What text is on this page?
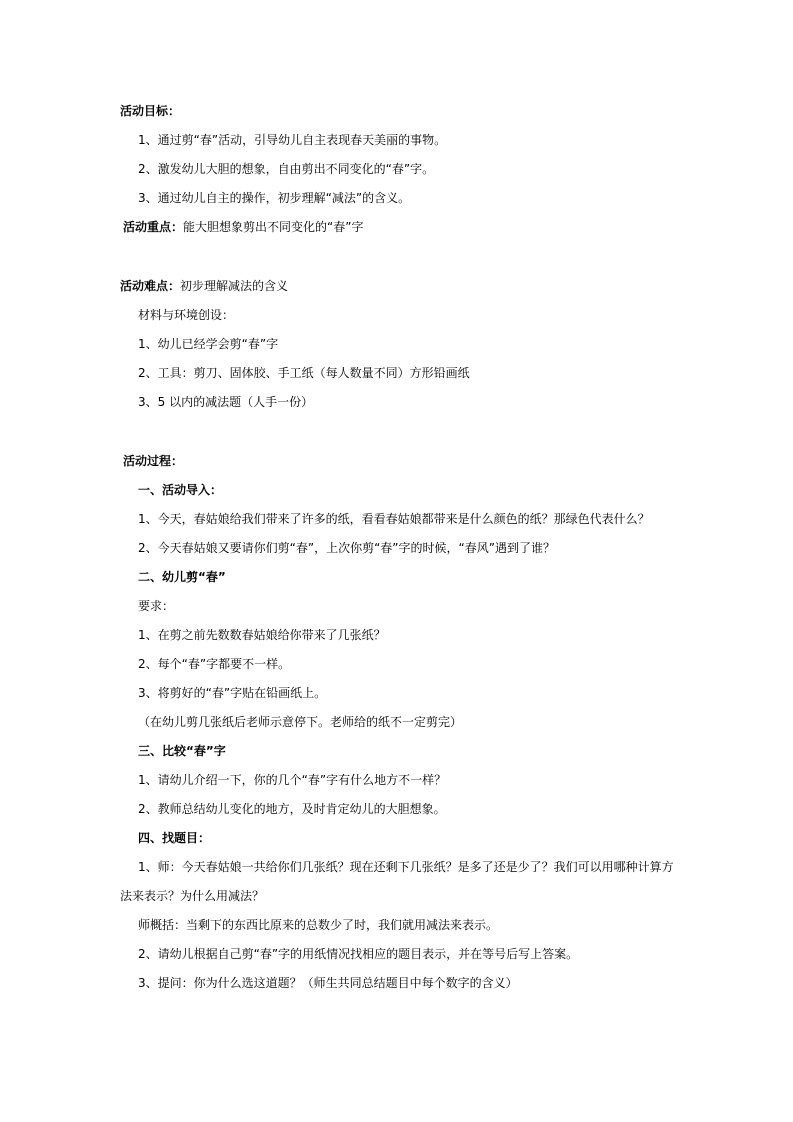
活动目标：
1、通过剪“春”活动，引导幼儿自主表现春天美丽的事物。
2、激发幼儿大胆的想象，自由剪出不同变化的“春”字。
3、通过幼儿自主的操作，初步理解“减法”的含义。
活动重点：能大胆想象剪出不同变化的“春”字
活动难点：初步理解减法的含义
材料与环境创设：
1、幼儿已经学会剪“春”字
2、工具：剪刀、固体胶、手工纸（每人数量不同）方形铅画纸
3、5 以内的减法题（人手一份）
活动过程：
一、活动导入：
1、今天，春姑娘给我们带来了许多的纸，看看春姑娘都带来是什么颜色的纸？那绿色代表什么？
2、今天春姑娘又要请你们剪“春”，上次你剪“春”字的时候，“春风”遇到了谁？
二、幼儿剪“春”
要求：
1、在剪之前先数数春姑娘给你带来了几张纸？
2、每个“春”字都要不一样。
3、将剪好的“春”字贴在铅画纸上。
（在幼儿剪几张纸后老师示意停下。老师给的纸不一定剪完）
三、比较“春”字
1、请幼儿介绍一下，你的几个“春”字有什么地方不一样？
2、教师总结幼儿变化的地方，及时肯定幼儿的大胆想象。
四、找题目：
1、师：今天春姑娘一共给你们几张纸？现在还剩下几张纸？是多了还是少了？我们可以用哪种计算方
法来表示？为什么用减法？
师概括：当剩下的东西比原来的总数少了时，我们就用减法来表示。
2、请幼儿根据自己剪“春”字的用纸情况找相应的题目表示，并在等号后写上答案。
3、提问：你为什么选这道题？（师生共同总结题目中每个数字的含义）
